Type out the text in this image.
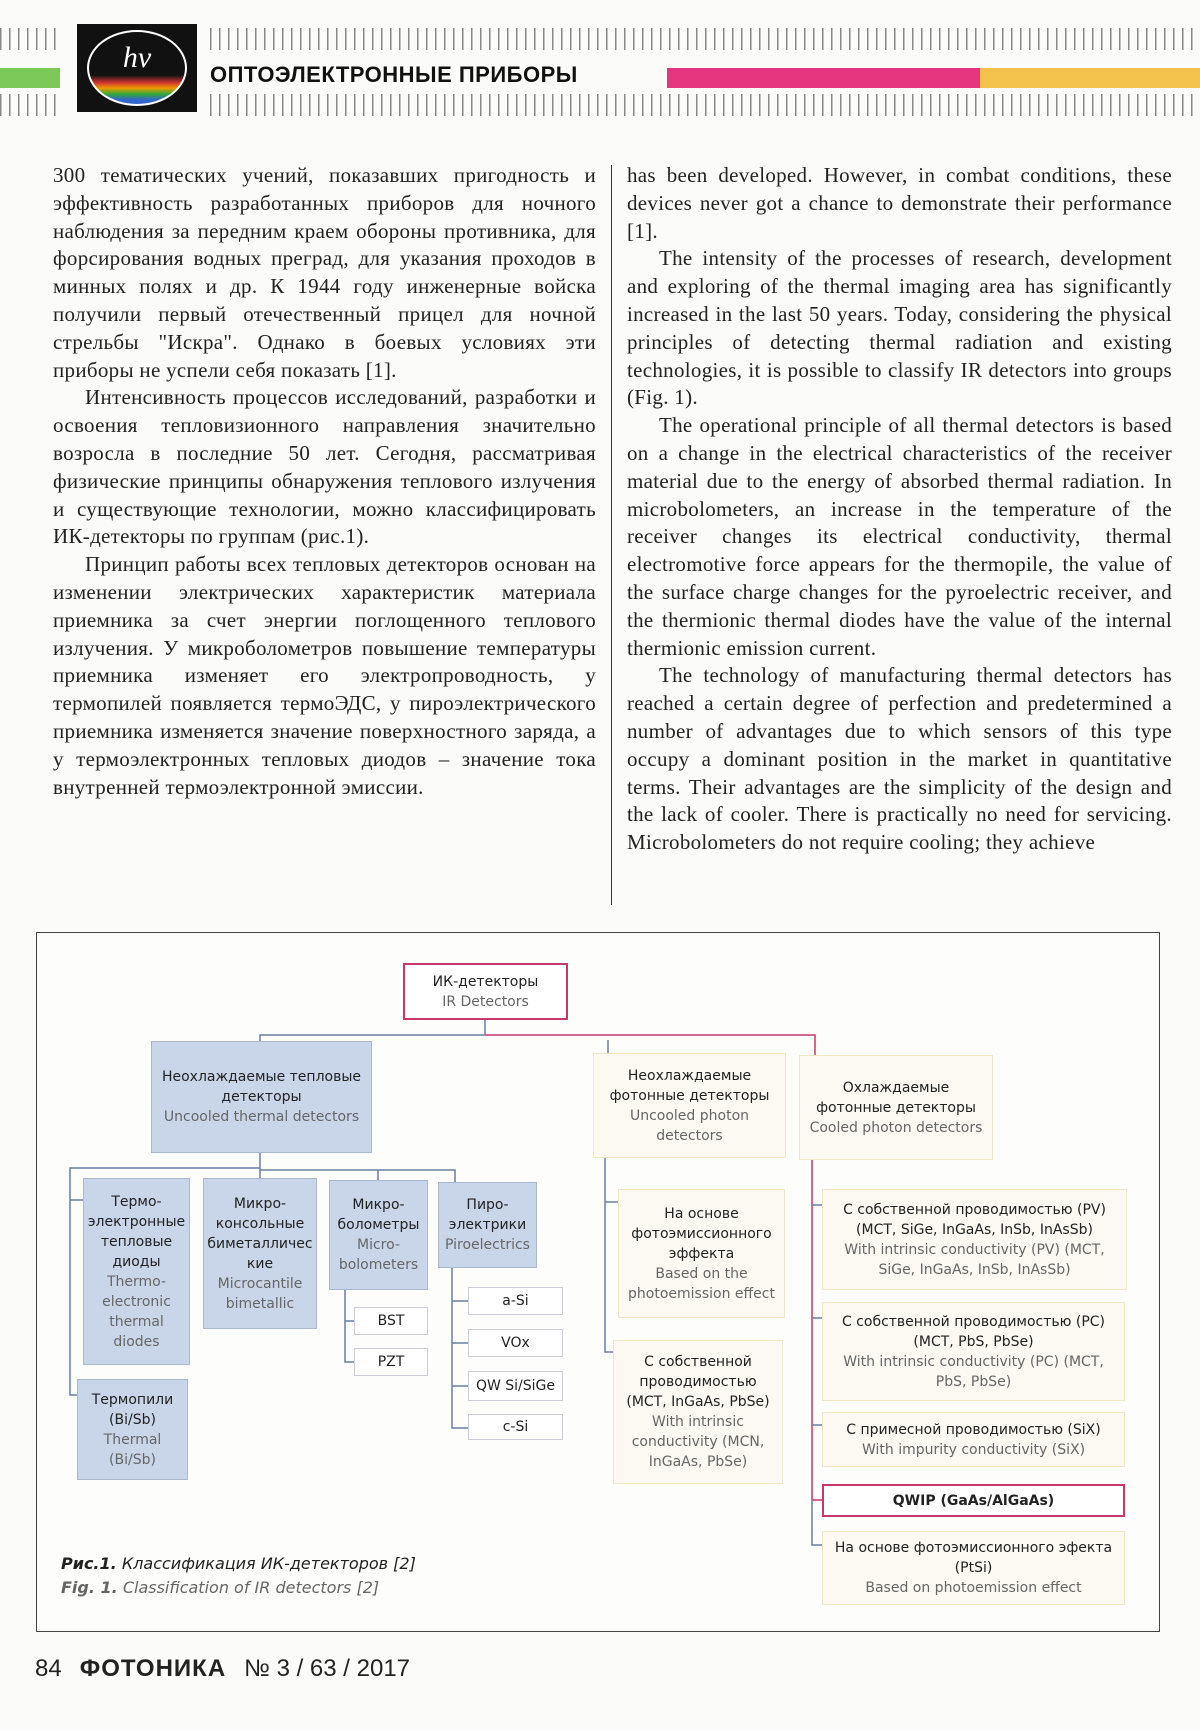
hv
ОПТОЭЛЕКТРОННЫЕ ПРИБОРЫ

300 тематических учений, показавших пригодность и эффективность разработанных приборов для ночного наблюдения за передним краем обороны противника, для форсирования водных преград, для указания проходов в минных полях и др. К 1944 году инженерные войска получили первый отечественный прицел для ночной стрельбы "Искра". Однако в боевых условиях эти приборы не успели себя показать [1].

Интенсивность процессов исследований, разработки и освоения тепловизионного направления значительно возросла в последние 50 лет. Сегодня, рассматривая физические принципы обнаружения теплового излучения и существующие технологии, можно классифицировать ИК-детекторы по группам (рис.1).

Принцип работы всех тепловых детекторов основан на изменении электрических характеристик материала приемника за счет энергии поглощенного теплового излучения. У микроболометров повышение температуры приемника изменяет его электропроводность, у термопилей появляется термоЭДС, у пироэлектрического приемника изменяется значение поверхностного заряда, а у термоэлектронных тепловых диодов – значение тока внутренней термоэлектронной эмиссии.

has been developed. However, in combat conditions, these devices never got a chance to demonstrate their performance [1].

The intensity of the processes of research, development and exploring of the thermal imaging area has significantly increased in the last 50 years. Today, considering the physical principles of detecting thermal radiation and existing technologies, it is possible to classify IR detectors into groups (Fig. 1).

The operational principle of all thermal detectors is based on a change in the electrical characteristics of the receiver material due to the energy of absorbed thermal radiation. In microbolometers, an increase in the temperature of the receiver changes its electrical conductivity, thermal electromotive force appears for the thermopile, the value of the surface charge changes for the pyroelectric receiver, and the thermionic thermal diodes have the value of the internal thermionic emission current.

The technology of manufacturing thermal detectors has reached a certain degree of perfection and predetermined a number of advantages due to which sensors of this type occupy a dominant position in the market in quantitative terms. Their advantages are the simplicity of the design and the lack of cooler. There is practically no need for servicing. Microbolometers do not require cooling; they achieve

ИК-детекторы
IR Detectors
Неохлаждаемые тепловые детекторы
Uncooled thermal detectors
Неохлаждаемые фотонные детекторы
Uncooled photon detectors
Охлаждаемые фотонные детекторы
Cooled photon detectors
Термо-электронные тепловые диоды
Thermo-electronic thermal diodes
Микро-консольные биметаллические
Microcantile bimetallic
Микро-болометры
Micro-bolometers
Пиро-электрики
Piroelectrics
Термопили (Bi/Sb)
Thermal (Bi/Sb)
BST
PZT
a-Si
VOx
QW Si/SiGe
c-Si
На основе фотоэмиссионного эффекта
Based on the photoemission effect
С собственной проводимостью (MCT, InGaAs, PbSe)
With intrinsic conductivity (MCN, InGaAs, PbSe)
С собственной проводимостью (PV) (MCT, SiGe, InGaAs, InSb, InAsSb)
With intrinsic conductivity (PV) (MCT, SiGe, InGaAs, InSb, InAsSb)
С собственной проводимостью (PC) (MCT, PbS, PbSe)
With intrinsic conductivity (PC) (MCT, PbS, PbSe)
С примесной проводимостью (SiX)
With impurity conductivity (SiX)
QWIP (GaAs/AlGaAs)
На основе фотоэмиссионного эфекта (PtSi)
Based on photoemission effect
Рис.1. Классификация ИК-детекторов [2]
Fig. 1. Classification of IR detectors [2]
84 ФОТОНИКА № 3 / 63 / 2017
